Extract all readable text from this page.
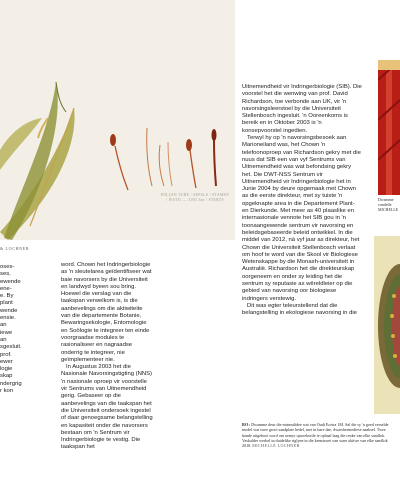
POLLEN TUBE / SEPALS / STAMEN / PISTIL — 2003 Jan / STARTS
& LOCHNER
oses-
ses,
ewende
ene-
e. By
plant
wende
ensie.
an
iewe
an
sgesluit.
prof.
ewer
logie
skap
ndergrig
r kon

word. Chown het Indringerbiologie as 'n sleutelarea geïdentifiseer wat baie navorsers by die Universiteit en landwyd byeen sou bring. Hoewel die verslag van die taakspan verwelkom is, is die aanbevelings om die aktiwiteite van die departemente Botanie, Bewaringsekologie, Entomologie en Soölogie te integreer ten einde voorgraadse modules te rasionaliseer en nagraadse onderrig te integreer, nie geïmplementeer nie.

In Augustus 2003 het die Nasionale Navorsingstigting (NNS) 'n nasionale oproep vir voorstelle vir Sentrums van Uitnemendheid gerig. Gebaseer op die aanbevelings van die taakspan het die Universiteit ondersoek ingestel of daar genoegsame belangstelling en kapasiteit onder die navorsers bestaan om 'n Sentrum vir Indringerbiologie te vestig. Die taakspan het

Uitnemendheid vir Indringerbiologie (SIB). Die voorstel het die wenwing van prof. David Richardson, toe verbonde aan UK, vir 'n navorsingsleerstoel by die Universiteit Stellenbosch ingesluit. 'n Ooreenkoms is bereik en in Oktober 2003 is 'n konsepvoorstel ingedien.

Terwyl hy op 'n navorsingsbesoek aan Marioneiland was, het Chown 'n telefoonoproep van Richardson gekry met die nuus dat SIB een van vyf Sentrums van Uitnemendheid was wat befondsing gekry het. Die DWT-NSS Sentrum vir Uitnemendheid vir Indringerbiologie het in Junie 2004 by deure opgemaak met Chown as die eerste direkteur, met sy tuiste 'n opgeknapte area in die Departement Plant- en Dierkunde. Met meer as 40 plaaslike en internasionale vennote het SIB gou in 'n toonaangewende sentrum vir navorsing en beleidsgebaseerde beleid ontwikkel. In die middel van 2012, nà vyf jaar as direkteur, het Chown die Universiteit Stellenbosch verlaat om hoof te word van die Skool vir Biologiese Wetenskappe by die Monash-universiteit in Australië. Richardson het die direkteurskap oorgeneem en onder sy leiding het die sentrum sy reputasie as wêreldleier op die gebied van navorsing oor biologiese indringers verstewig.

Dit was egter teleurstellend dat die belangstelling in ekologiese navorsing in die

Dwamme
vandelle
MICHELLE
BO: Dwamme deur die mineralidee wat van Oudi Eceira 1M. Sal die sy 'n goed verselde model wat twee groot sandplate bedel, met in hare dae, dwarshermediese naaksel. Twee hande uitgeboot word om oemyr opsoekseile te ophaal laag die reuke van elke sandlok. Vaskalder werkel in duidelike riglyne in die kenniswet van ware aktiwe van elke sandlok 2018. MICHELLE LOCHNER
